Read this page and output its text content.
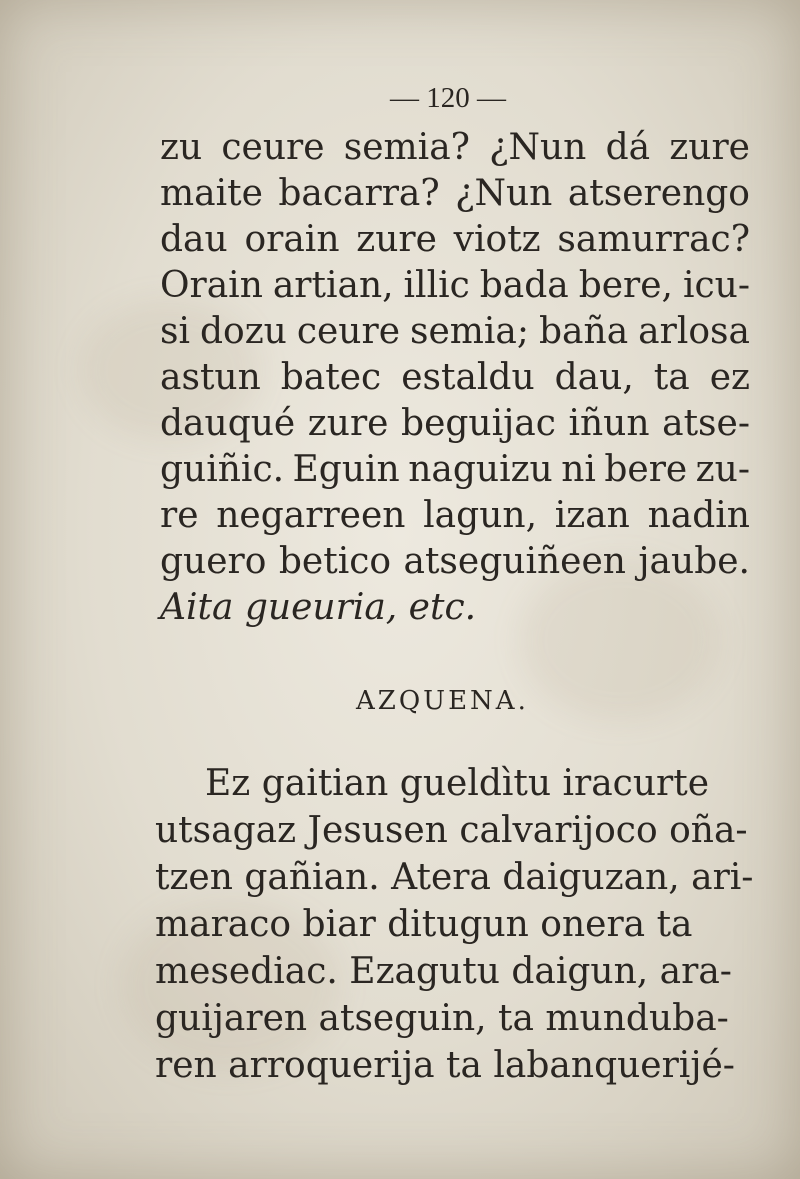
— 120 —
zu ceure semia? ¿Nun dá zure
maite bacarra? ¿Nun atserengo
dau orain zure viotz samurrac?
Orain artian, illic bada bere, icu-
si dozu ceure semia; baña arlosa
astun batec estaldu dau, ta ez
dauqué zure beguijac iñun atse-
guiñic. Eguin naguizu ni bere zu-
re negarreen lagun, izan nadin
guero betico atseguiñeen jaube.
Aita gueuria, etc.
AZQUENA.
Ez gaitian gueldìtu iracurte
utsagaz Jesusen calvarijoco oña-
tzen gañian. Atera daiguzan, ari-
maraco biar ditugun onera ta
mesediac. Ezagutu daigun, ara-
guijaren atseguin, ta munduba-
ren arroquerija ta labanquerijé-
